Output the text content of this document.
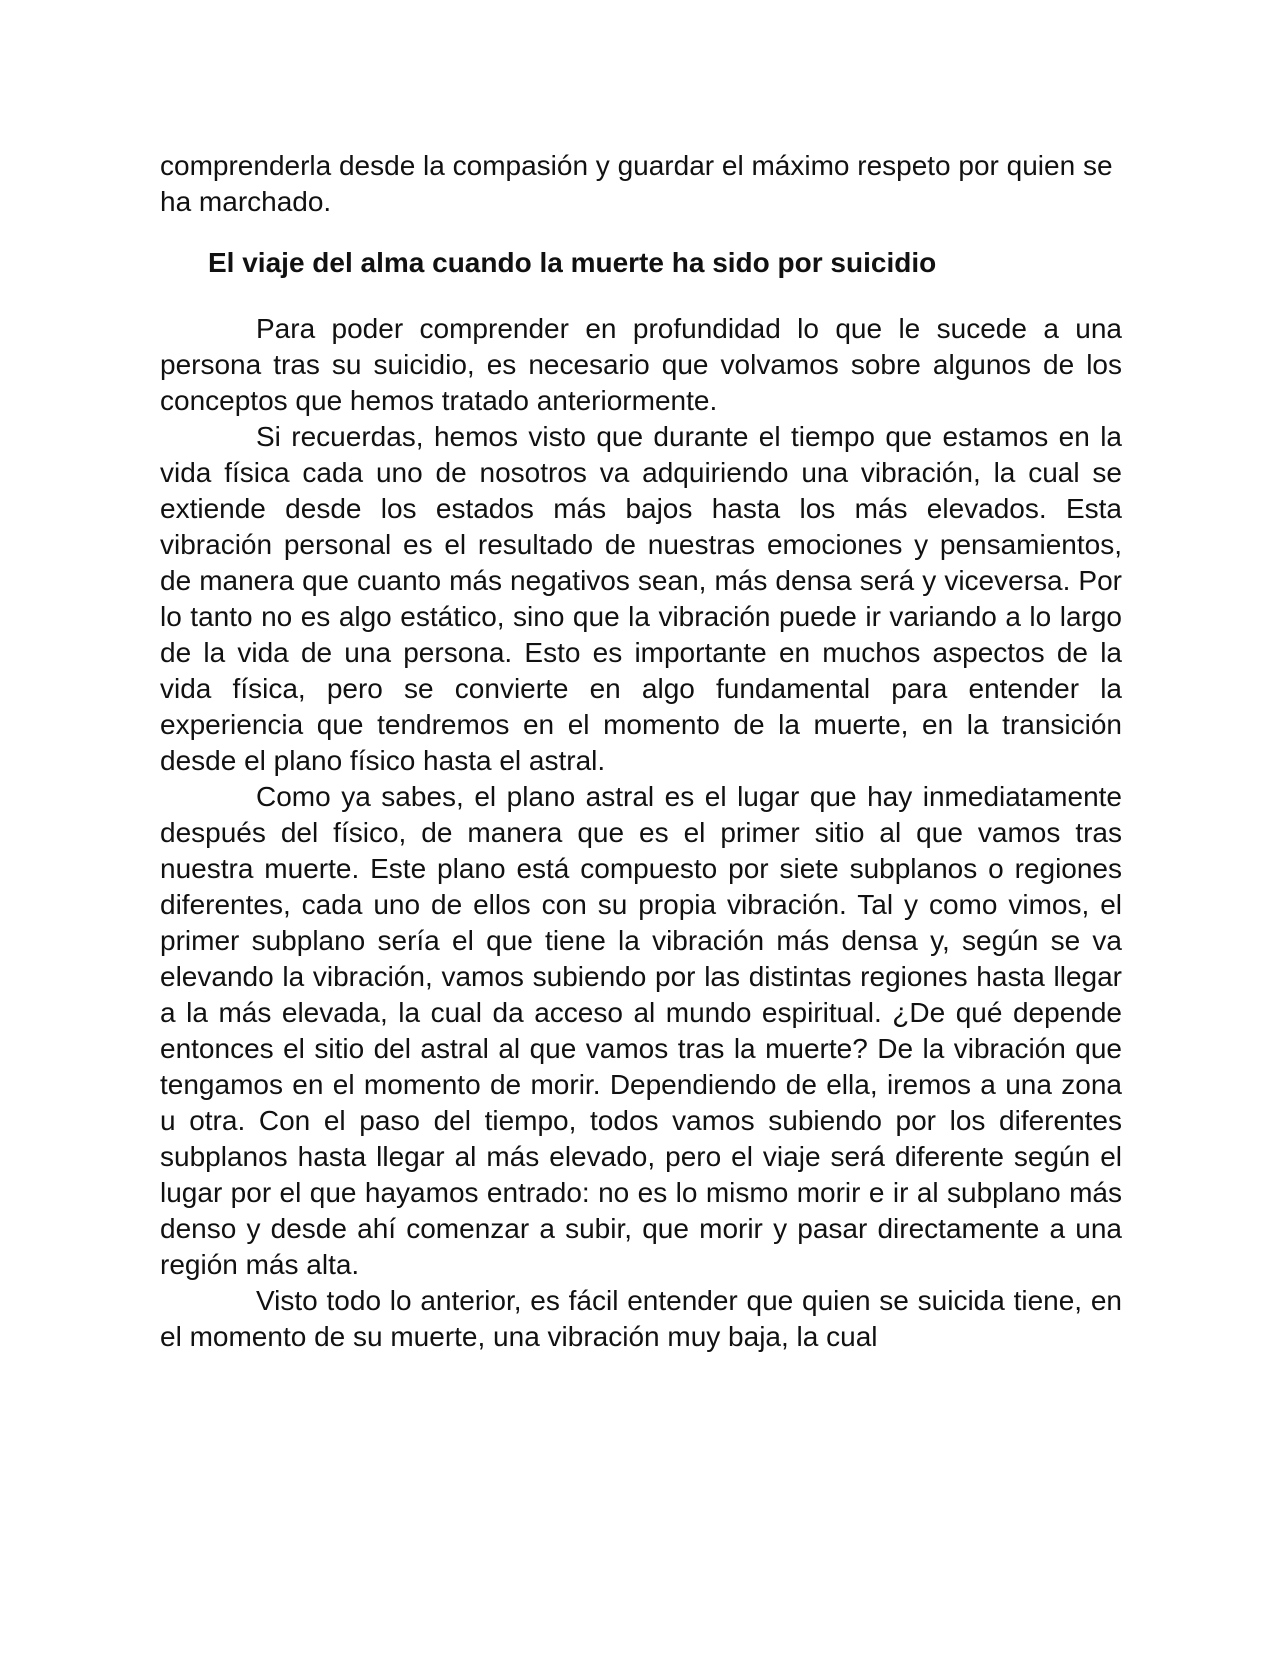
comprenderla desde la compasión y guardar el máximo respeto por quien se ha marchado.

El viaje del alma cuando la muerte ha sido por suicidio

Para poder comprender en profundidad lo que le sucede a una persona tras su suicidio, es necesario que volvamos sobre algunos de los conceptos que hemos tratado anteriormente.

Si recuerdas, hemos visto que durante el tiempo que estamos en la vida física cada uno de nosotros va adquiriendo una vibración, la cual se extiende desde los estados más bajos hasta los más elevados. Esta vibración personal es el resultado de nuestras emociones y pensamientos, de manera que cuanto más negativos sean, más densa será y viceversa. Por lo tanto no es algo estático, sino que la vibración puede ir variando a lo largo de la vida de una persona. Esto es importante en muchos aspectos de la vida física, pero se convierte en algo fundamental para entender la experiencia que tendremos en el momento de la muerte, en la transición desde el plano físico hasta el astral.

Como ya sabes, el plano astral es el lugar que hay inmediatamente después del físico, de manera que es el primer sitio al que vamos tras nuestra muerte. Este plano está compuesto por siete subplanos o regiones diferentes, cada uno de ellos con su propia vibración. Tal y como vimos, el primer subplano sería el que tiene la vibración más densa y, según se va elevando la vibración, vamos subiendo por las distintas regiones hasta llegar a la más elevada, la cual da acceso al mundo espiritual. ¿De qué depende entonces el sitio del astral al que vamos tras la muerte? De la vibración que tengamos en el momento de morir. Dependiendo de ella, iremos a una zona u otra. Con el paso del tiempo, todos vamos subiendo por los diferentes subplanos hasta llegar al más elevado, pero el viaje será diferente según el lugar por el que hayamos entrado: no es lo mismo morir e ir al subplano más denso y desde ahí comenzar a subir, que morir y pasar directamente a una región más alta.

Visto todo lo anterior, es fácil entender que quien se suicida tiene, en el momento de su muerte, una vibración muy baja, la cual
